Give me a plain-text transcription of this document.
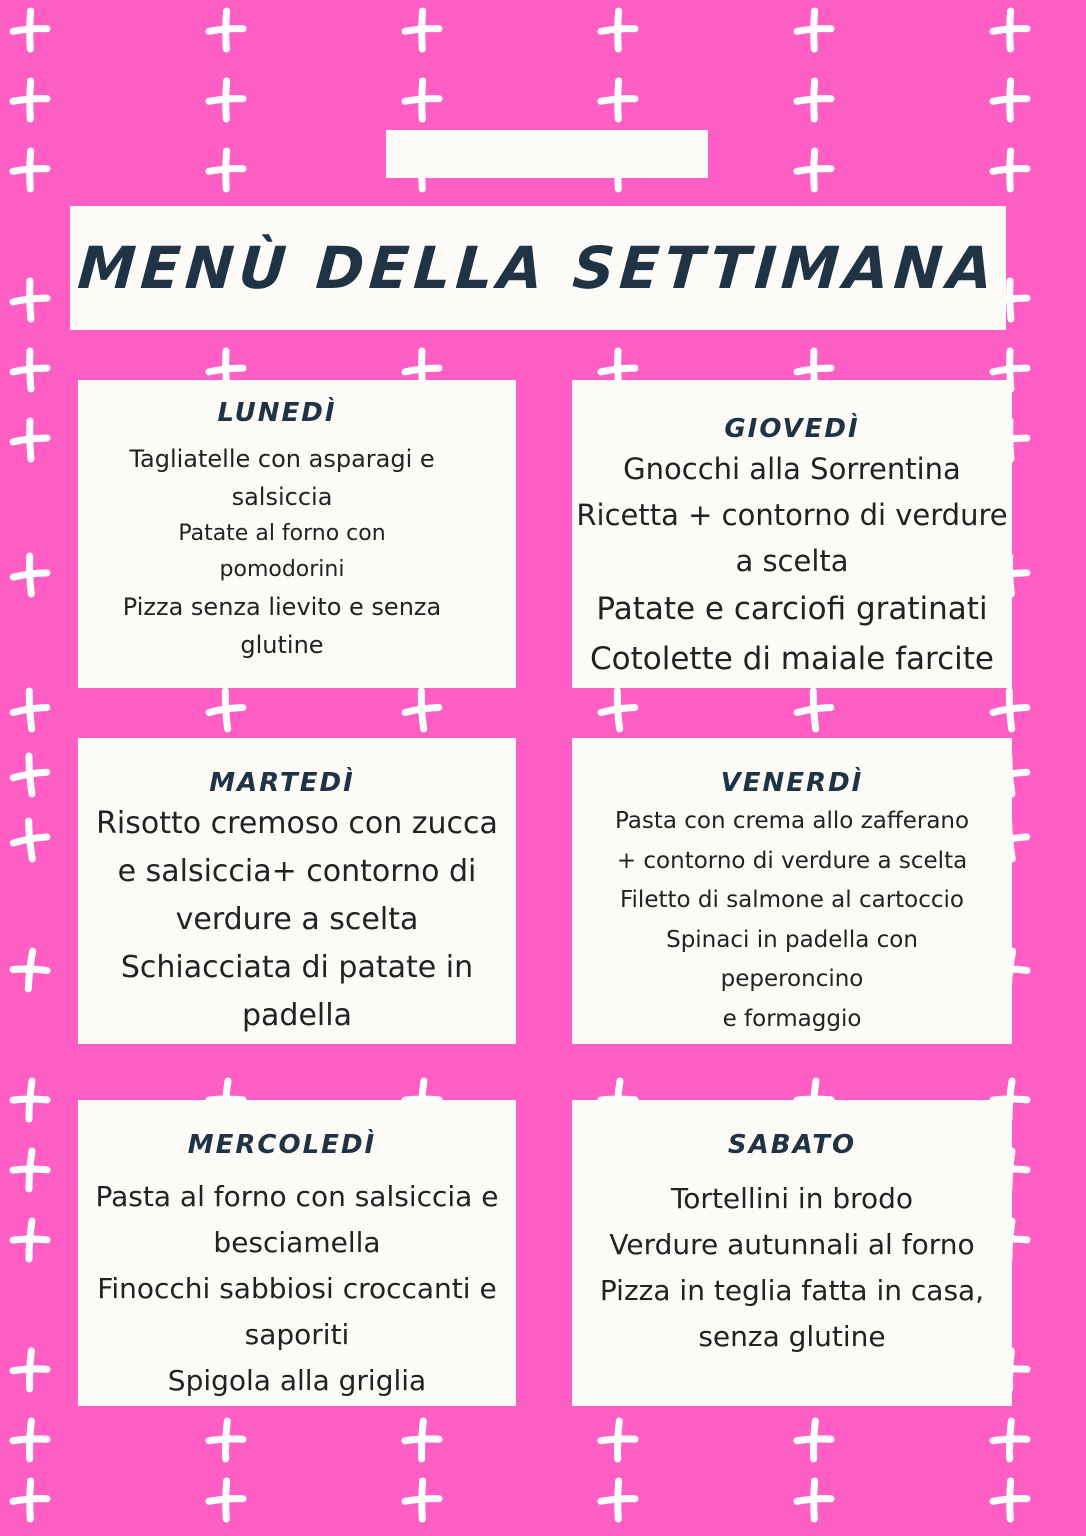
MENÙ DELLA SETTIMANA
LUNEDÌ
Tagliatelle con asparagi e
salsiccia
Patate al forno con
pomodorini
Pizza senza lievito e senza
glutine
MARTEDÌ
Risotto cremoso con zucca
e salsiccia+ contorno di
verdure a scelta
Schiacciata di patate in
padella
MERCOLEDÌ
Pasta al forno con salsiccia e
besciamella
Finocchi sabbiosi croccanti e
saporiti
Spigola alla griglia
GIOVEDÌ
Gnocchi alla Sorrentina
Ricetta + contorno di verdure
a scelta
Patate e carciofi gratinati
Cotolette di maiale farcite
VENERDÌ
Pasta con crema allo zafferano
+ contorno di verdure a scelta
Filetto di salmone al cartoccio
Spinaci in padella con
peperoncino
e formaggio
SABATO
Tortellini in brodo
Verdure autunnali al forno
Pizza in teglia fatta in casa,
senza glutine
